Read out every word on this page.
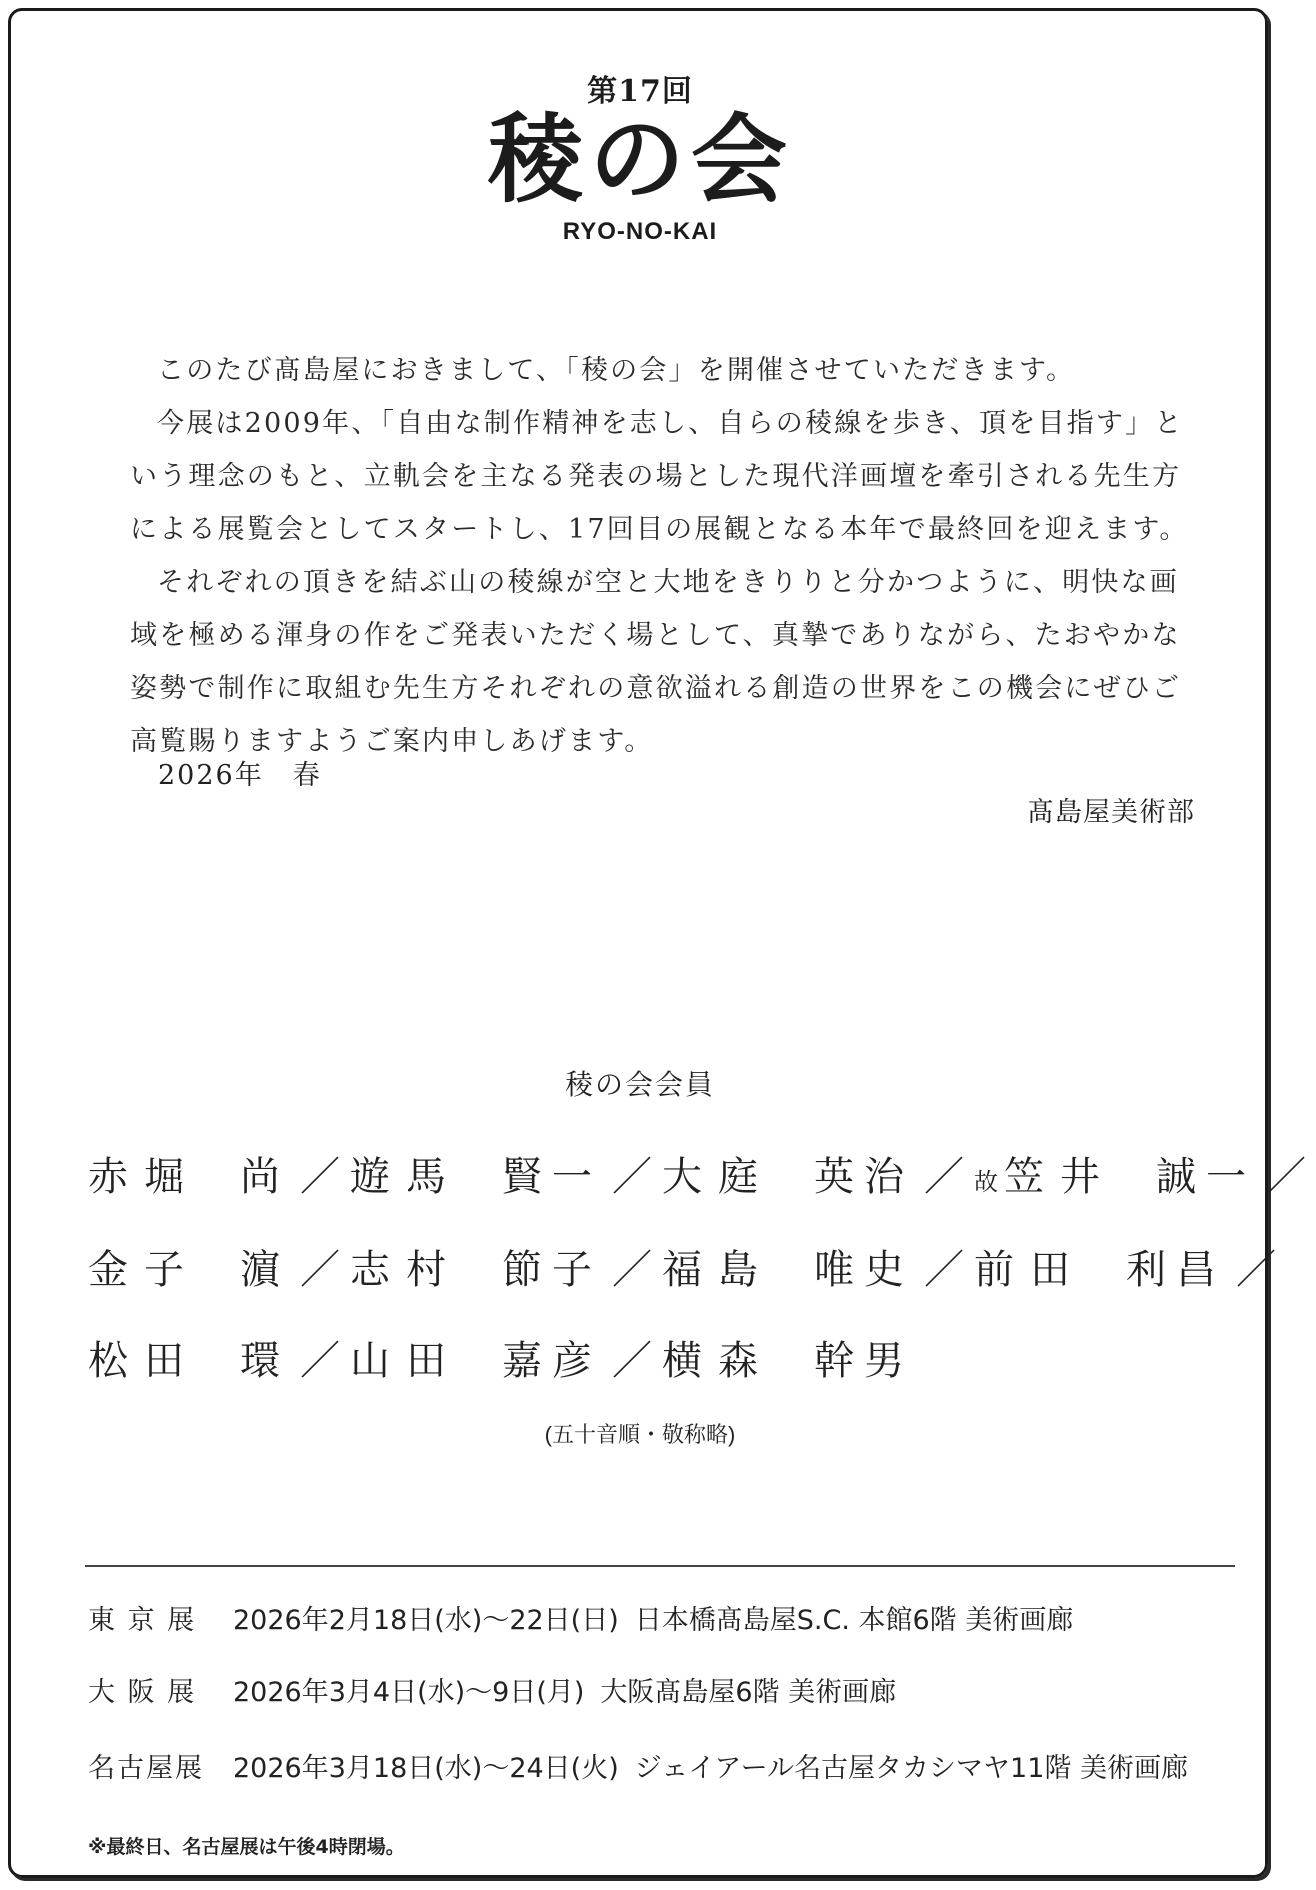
第17回
稜の会
RYO-NO-KAI

このたび髙島屋におきまして、「稜の会」を開催させていただきます。

今展は2009年、「自由な制作精神を志し、自らの稜線を歩き、頂を目指す」という理念のもと、立軌会を主なる発表の場とした現代洋画壇を牽引される先生方による展覧会としてスタートし、17回目の展観となる本年で最終回を迎えます。

それぞれの頂きを結ぶ山の稜線が空と大地をきりりと分かつように、明快な画域を極める渾身の作をご発表いただく場として、真摯でありながら、たおやかな姿勢で制作に取組む先生方それぞれの意欲溢れる創造の世界をこの機会にぜひご高覧賜りますようご案内申しあげます。

2026年　春
髙島屋美術部
稜の会会員
赤堀 尚 ／ 遊馬 賢一 ／ 大庭 英治 ／ 故 笠井 誠一 ／
金子 濵 ／ 志村 節子 ／ 福島 唯史 ／ 前田 利昌 ／
松田 環 ／ 山田 嘉彦 ／ 横森 幹男
(五十音順・敬称略)
東 京 展 2026年2月18日(水)～22日(日) 日本橋髙島屋S.C. 本館6階 美術画廊
大 阪 展 2026年3月4日(水)～9日(月) 大阪髙島屋6階 美術画廊
名古屋展 2026年3月18日(水)～24日(火) ジェイアール名古屋タカシマヤ11階 美術画廊
※最終日、名古屋展は午後4時閉場。
